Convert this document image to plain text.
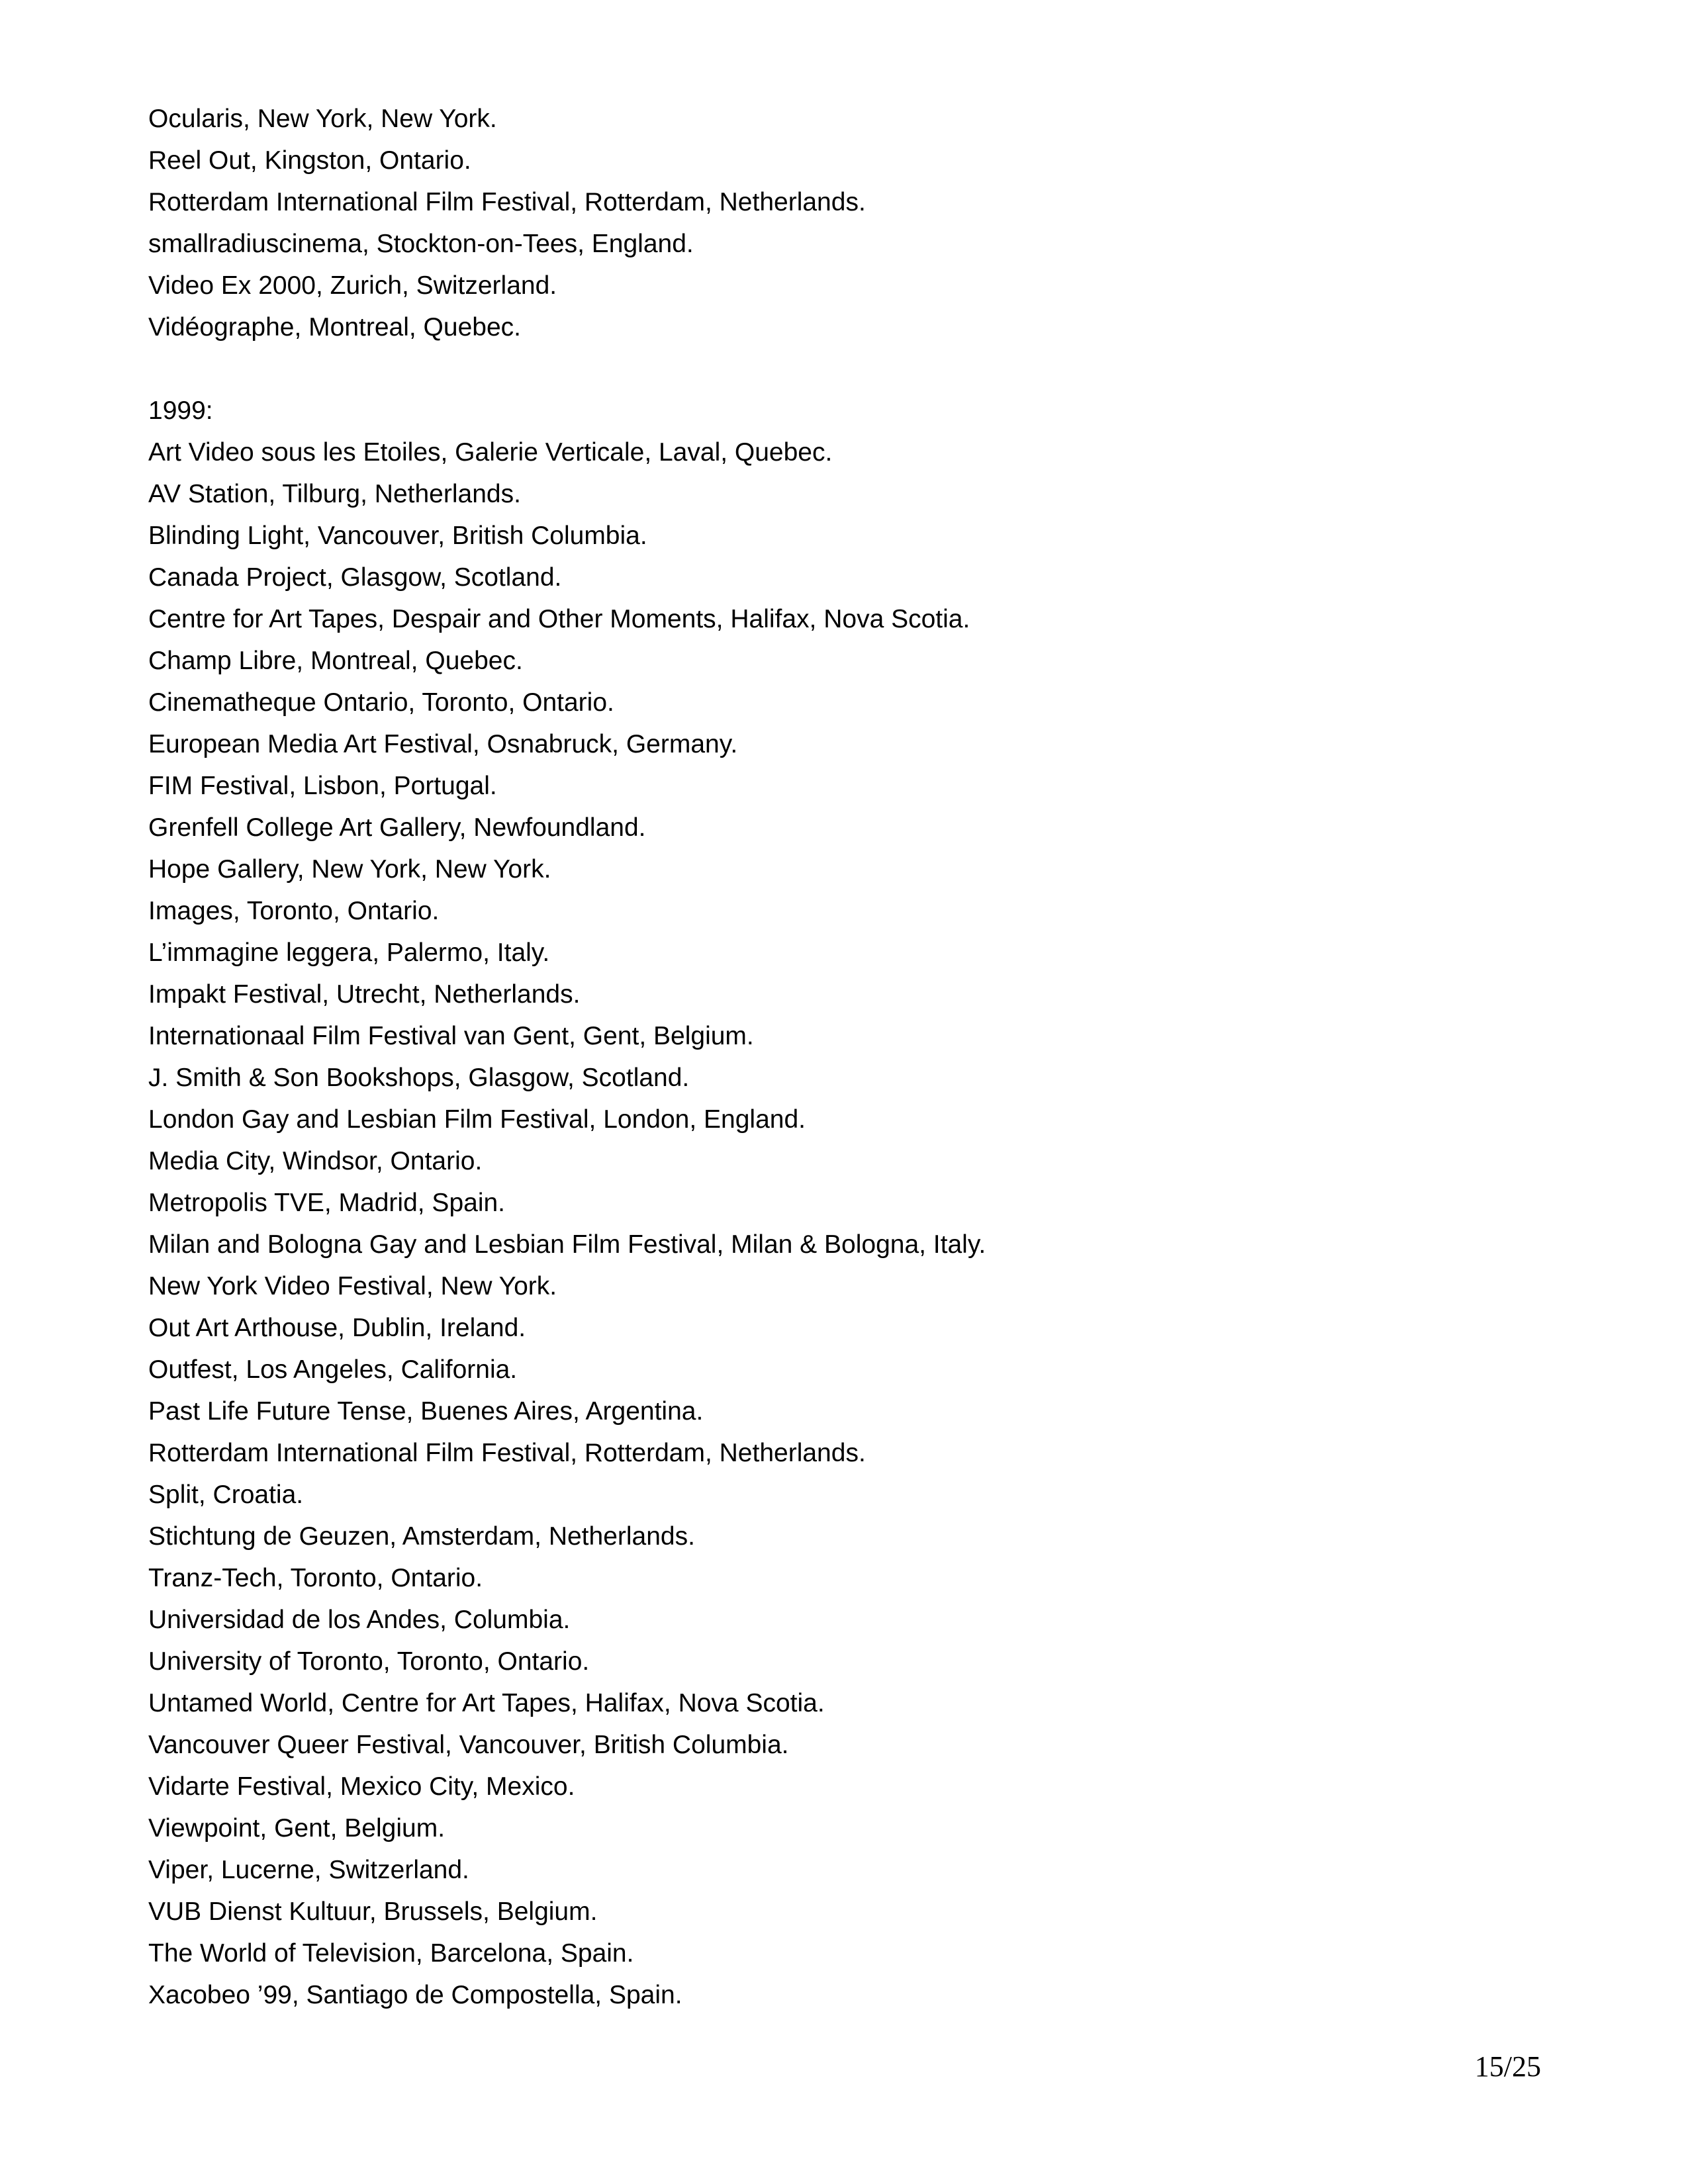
Ocularis, New York, New York.

Reel Out, Kingston, Ontario.

Rotterdam International Film Festival, Rotterdam, Netherlands.

smallradiuscinema, Stockton-on-Tees, England.

Video Ex 2000, Zurich, Switzerland.

Vidéographe, Montreal, Quebec.

1999:

Art Video sous les Etoiles, Galerie Verticale, Laval, Quebec.

AV Station, Tilburg, Netherlands.

Blinding Light, Vancouver, British Columbia.

Canada Project, Glasgow, Scotland.

Centre for Art Tapes, Despair and Other Moments, Halifax, Nova Scotia.

Champ Libre, Montreal, Quebec.

Cinematheque Ontario, Toronto, Ontario.

European Media Art Festival, Osnabruck, Germany.

FIM Festival, Lisbon, Portugal.

Grenfell College Art Gallery, Newfoundland.

Hope Gallery, New York, New York.

Images, Toronto, Ontario.

L’immagine leggera, Palermo, Italy.

Impakt Festival, Utrecht, Netherlands.

Internationaal Film Festival van Gent, Gent, Belgium.

J. Smith & Son Bookshops, Glasgow, Scotland.

London Gay and Lesbian Film Festival, London, England.

Media City, Windsor, Ontario.

Metropolis TVE, Madrid, Spain.

Milan and Bologna Gay and Lesbian Film Festival, Milan & Bologna, Italy.

New York Video Festival, New York.

Out Art Arthouse, Dublin, Ireland.

Outfest, Los Angeles, California.

Past Life Future Tense, Buenes Aires, Argentina.

Rotterdam International Film Festival, Rotterdam, Netherlands.

Split, Croatia.

Stichtung de Geuzen, Amsterdam, Netherlands.

Tranz-Tech, Toronto, Ontario.

Universidad de los Andes, Columbia.

University of Toronto, Toronto, Ontario.

Untamed World, Centre for Art Tapes, Halifax, Nova Scotia.

Vancouver Queer Festival, Vancouver, British Columbia.

Vidarte Festival, Mexico City, Mexico.

Viewpoint, Gent, Belgium.

Viper, Lucerne, Switzerland.

VUB Dienst Kultuur, Brussels, Belgium.

The World of Television, Barcelona, Spain.

Xacobeo ’99, Santiago de Compostella, Spain.

15/25
